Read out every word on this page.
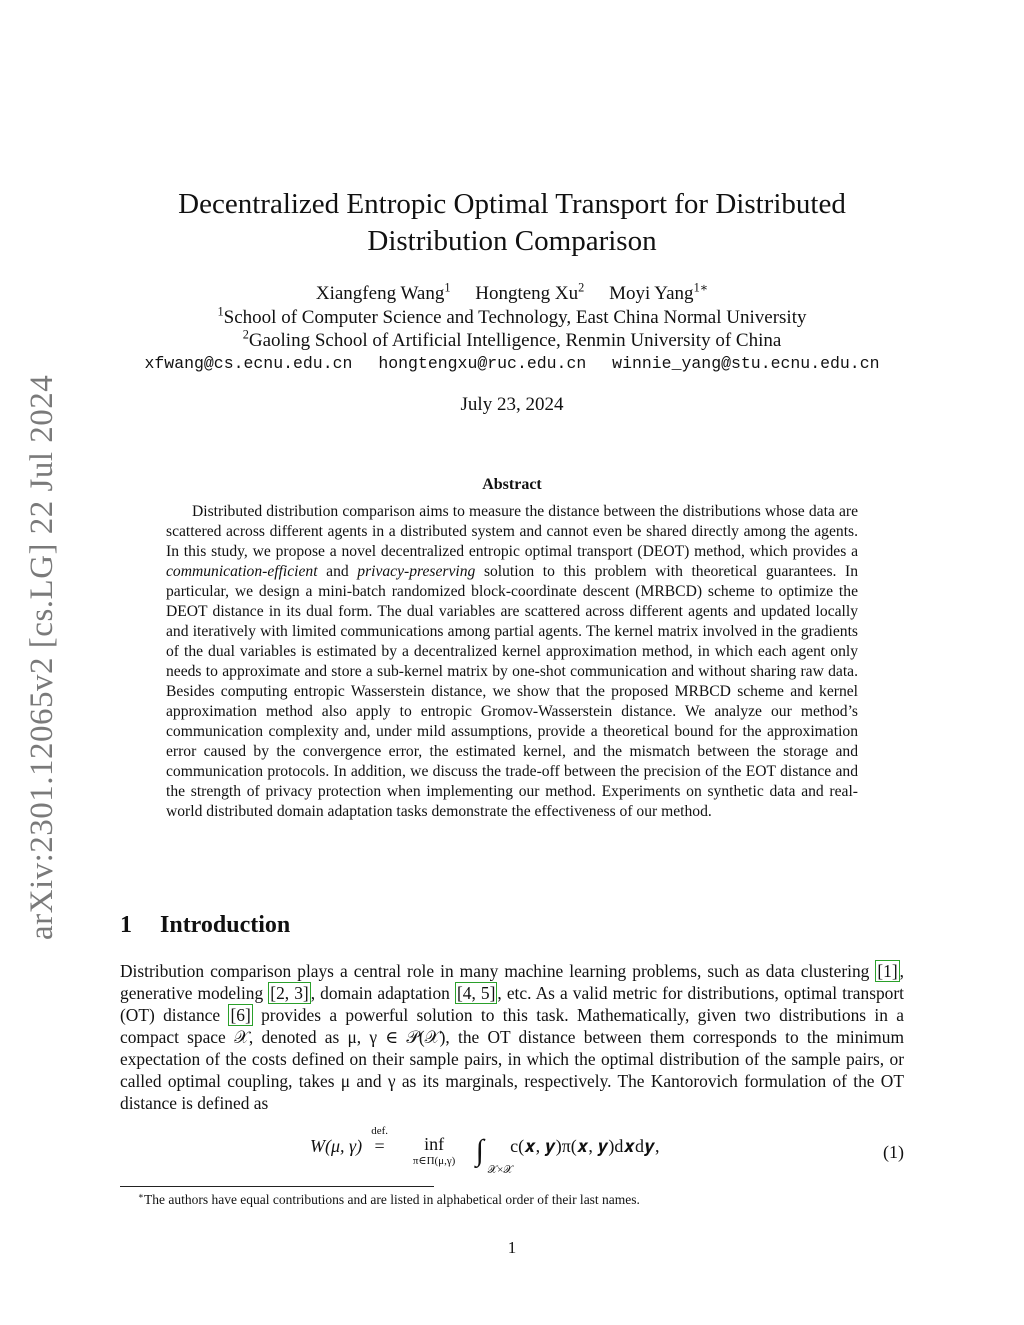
arXiv:2301.12065v2 [cs.LG] 22 Jul 2024
Decentralized Entropic Optimal Transport for Distributed
Distribution Comparison
Xiangfeng Wang$^1$ Hongteng Xu$^2$ Moyi Yang$^{1∗}$
$^1$School of Computer Science and Technology, East China Normal University
$^2$Gaoling School of Artificial Intelligence, Renmin University of China
xfwang@cs.ecnu.edu.cn hongtengxu@ruc.edu.cn winnie_yang@stu.ecnu.edu.cn
July 23, 2024
Abstract
Distributed distribution comparison aims to measure the distance between the distributions whose data are scattered across different agents in a distributed system and cannot even be shared directly among the agents. In this study, we propose a novel decentralized entropic optimal transport (DEOT) method, which provides a communication-efficient and privacy-preserving solution to this problem with theoretical guarantees. In particular, we design a mini-batch randomized block-coordinate descent (MRBCD) scheme to optimize the DEOT distance in its dual form. The dual variables are scattered across different agents and updated locally and iteratively with limited communications among partial agents. The kernel matrix involved in the gradients of the dual variables is estimated by a decentralized kernel approximation method, in which each agent only needs to approximate and store a sub-kernel matrix by one-shot communication and without sharing raw data. Besides computing entropic Wasserstein distance, we show that the proposed MRBCD scheme and kernel approximation method also apply to entropic Gromov-Wasserstein distance. We analyze our method’s communication complexity and, under mild assumptions, provide a theoretical bound for the approximation error caused by the convergence error, the estimated kernel, and the mismatch between the storage and communication protocols. In addition, we discuss the trade-off between the precision of the EOT distance and the strength of privacy protection when implementing our method. Experiments on synthetic data and real-world distributed domain adaptation tasks demonstrate the effectiveness of our method.
1 Introduction
Distribution comparison plays a central role in many machine learning problems, such as data clustering [1] , generative modeling [2, 3] , domain adaptation [4, 5] , etc. As a valid metric for distributions, optimal transport (OT) distance [6] provides a powerful solution to this task. Mathematically, given two distributions in a compact space 𝒳, denoted as μ, γ ∈ 𝒫(𝒳), the OT distance between them corresponds to the minimum expectation of the costs defined on their sample pairs, in which the optimal distribution of the sample pairs, or called optimal coupling, takes μ and γ as its marginals, respectively. The Kantorovich formulation of the OT distance is defined as
W(μ, γ)
def.
= inf
π∈Π(μ,γ) ∫
𝒳×𝒳
c(𝒙, 𝒚)π(𝒙, 𝒚)d𝒙d𝒚,	(1)
∗The authors have equal contributions and are listed in alphabetical order of their last names.
1
